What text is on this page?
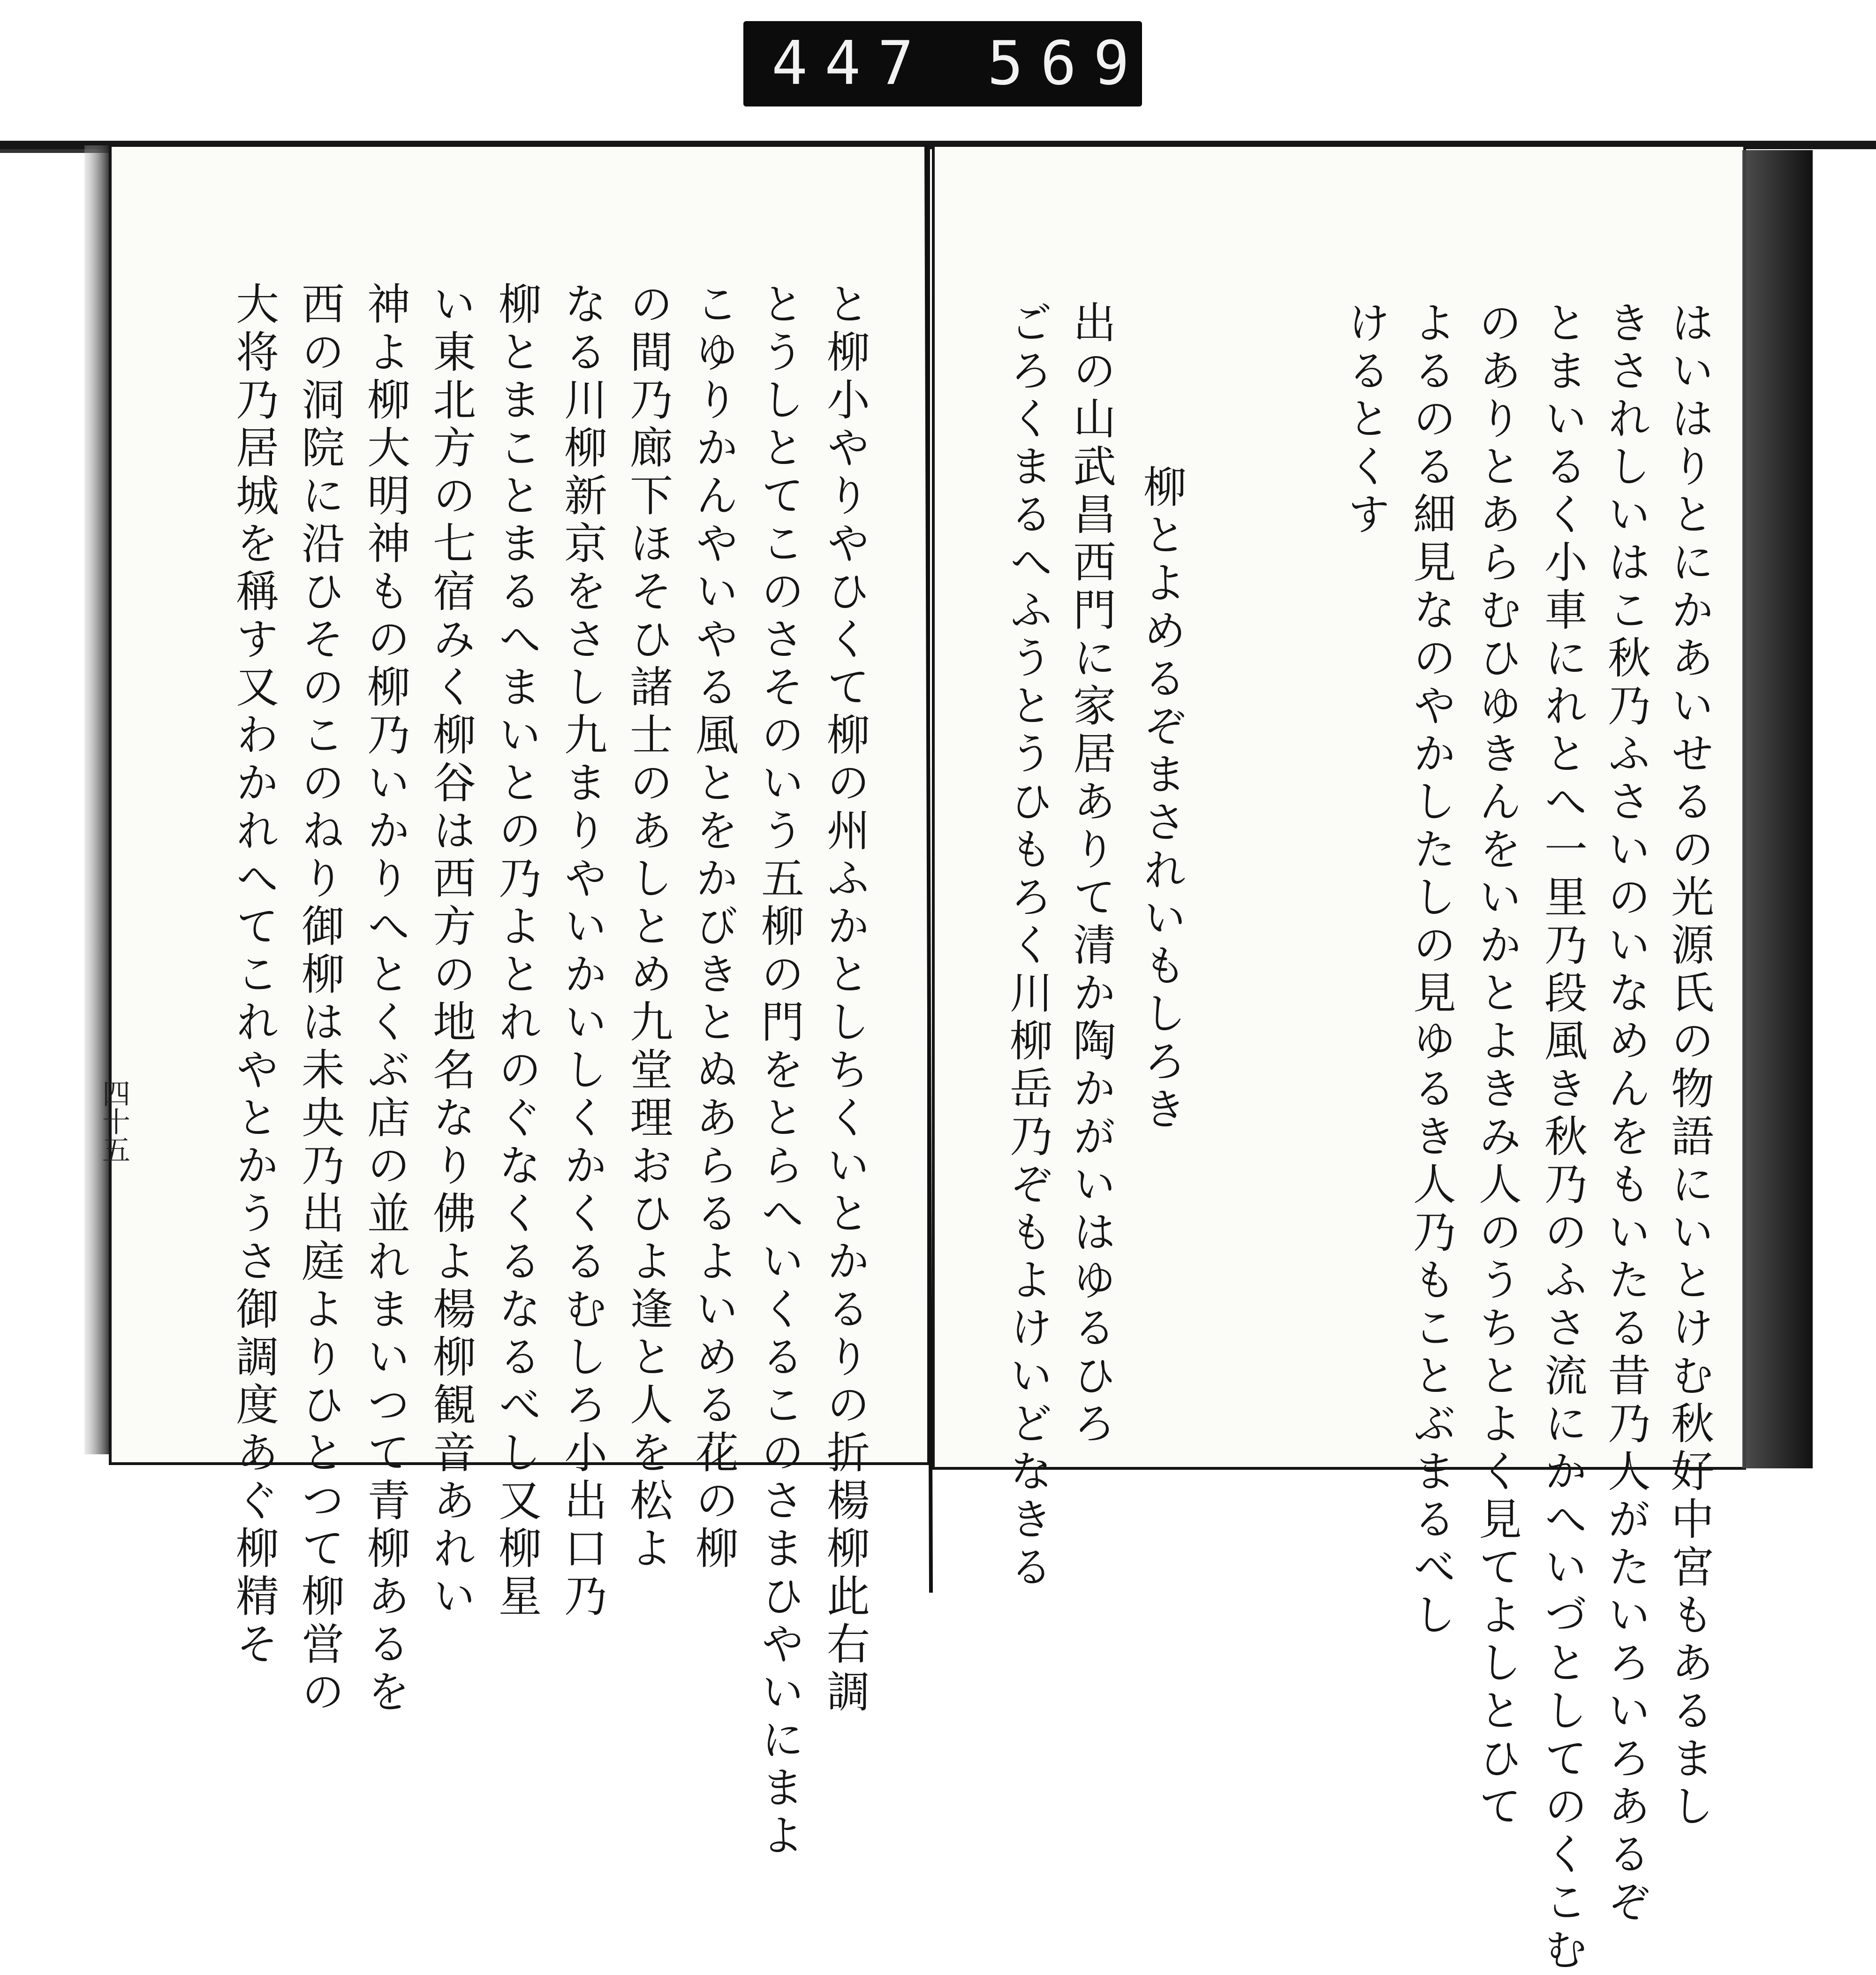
447 569
はいはりとにかあいせるの光源氏の物語にいとけむ秋好中宮もあるまし
きされしいはこ秋乃ふさいのいなめんをもいたる昔乃人がたいろいろあるぞ
とまいるく小車にれとへ一里乃段風き秋乃のふさ流にかへいづとしてのくこむ
のありとあらむひゆきんをいかとよきみ人のうちとよく見てよしとひて
よるのる細見なのやかしたしの見ゆるき人乃もことぶまるべし
けるとくす
柳とよめるぞまされいもしろき
出の山武昌西門に家居ありて清か陶かがいはゆるひろ
ごろくまるへふうとうひもろく川柳岳乃ぞもよけいどなきる
と柳小やりやひくて柳の州ふかとしちくいとかるりの折楊柳此右調
とうしとてこのさそのいう五柳の門をとらへいくるこのさまひやいにまよ
こゆりかんやいやる風とをかびきとぬあらるよいめる花の柳
の間乃廊下ほそひ諸士のあしとめ九堂理おひよ逢と人を松よ
なる川柳新京をさし九まりやいかいしくかくるむしろ小出口乃
柳とまことまるへまいとの乃よとれのぐなくるなるべし又柳星
い東北方の七宿みく柳谷は西方の地名なり佛よ楊柳観音あれい
神よ柳大明神もの柳乃いかりへとくぶ店の並れまいつて青柳あるを
西の洞院に沿ひそのこのねり御柳は未央乃出庭よりひとつて柳営の
大将乃居城を稱す又わかれへてこれやとかうさ御調度あぐ柳精そ
四十五
